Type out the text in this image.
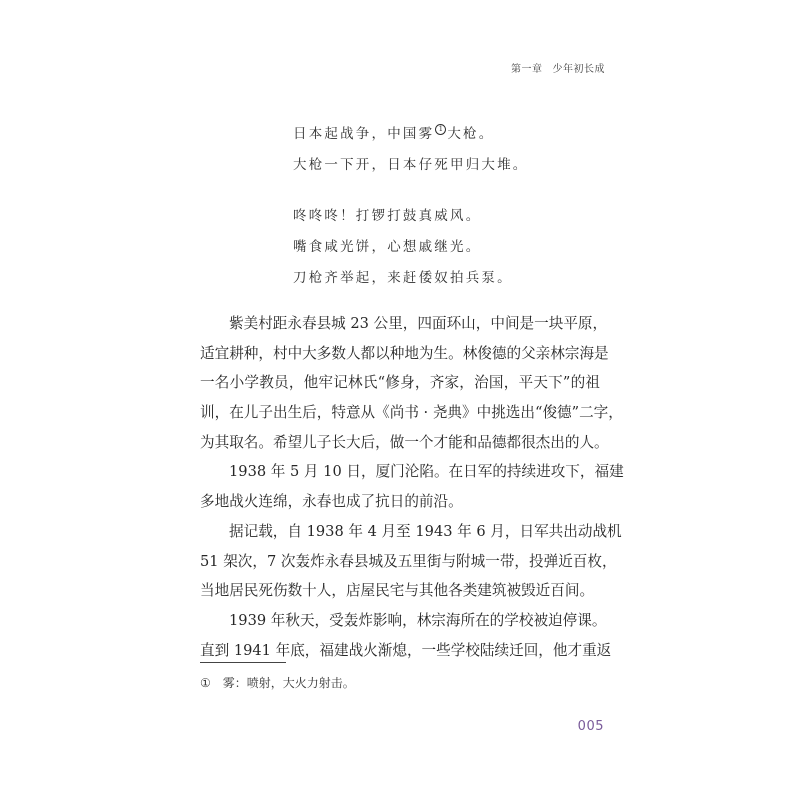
第一章 少年初长成
日本起战争，中国雾 1 大枪。
大枪一下开，日本仔死甲归大堆。
咚咚咚！打锣打鼓真威风。
嘴食咸光饼，心想戚继光。
刀枪齐举起，来赶倭奴拍兵泵。
紫美村距永春县城 23 公里，四面环山，中间是一块平原，
适宜耕种，村中大多数人都以种地为生。林俊德的父亲林宗海是
一名小学教员，他牢记林氏“修身，齐家，治国，平天下”的祖
训，在儿子出生后，特意从《尚书 · 尧典》中挑选出“俊德”二字，
为其取名。希望儿子长大后，做一个才能和品德都很杰出的人。
1938 年 5 月 10 日，厦门沦陷。在日军的持续进攻下，福建
多地战火连绵，永春也成了抗日的前沿。
据记载，自 1938 年 4 月至 1943 年 6 月，日军共出动战机
51 架次，7 次轰炸永春县城及五里街与附城一带，投弹近百枚，
当地居民死伤数十人，店屋民宅与其他各类建筑被毁近百间。
1939 年秋天，受轰炸影响，林宗海所在的学校被迫停课。
直到 1941 年底，福建战火渐熄，一些学校陆续迁回，他才重返
① 雾：喷射，大火力射击。
005
